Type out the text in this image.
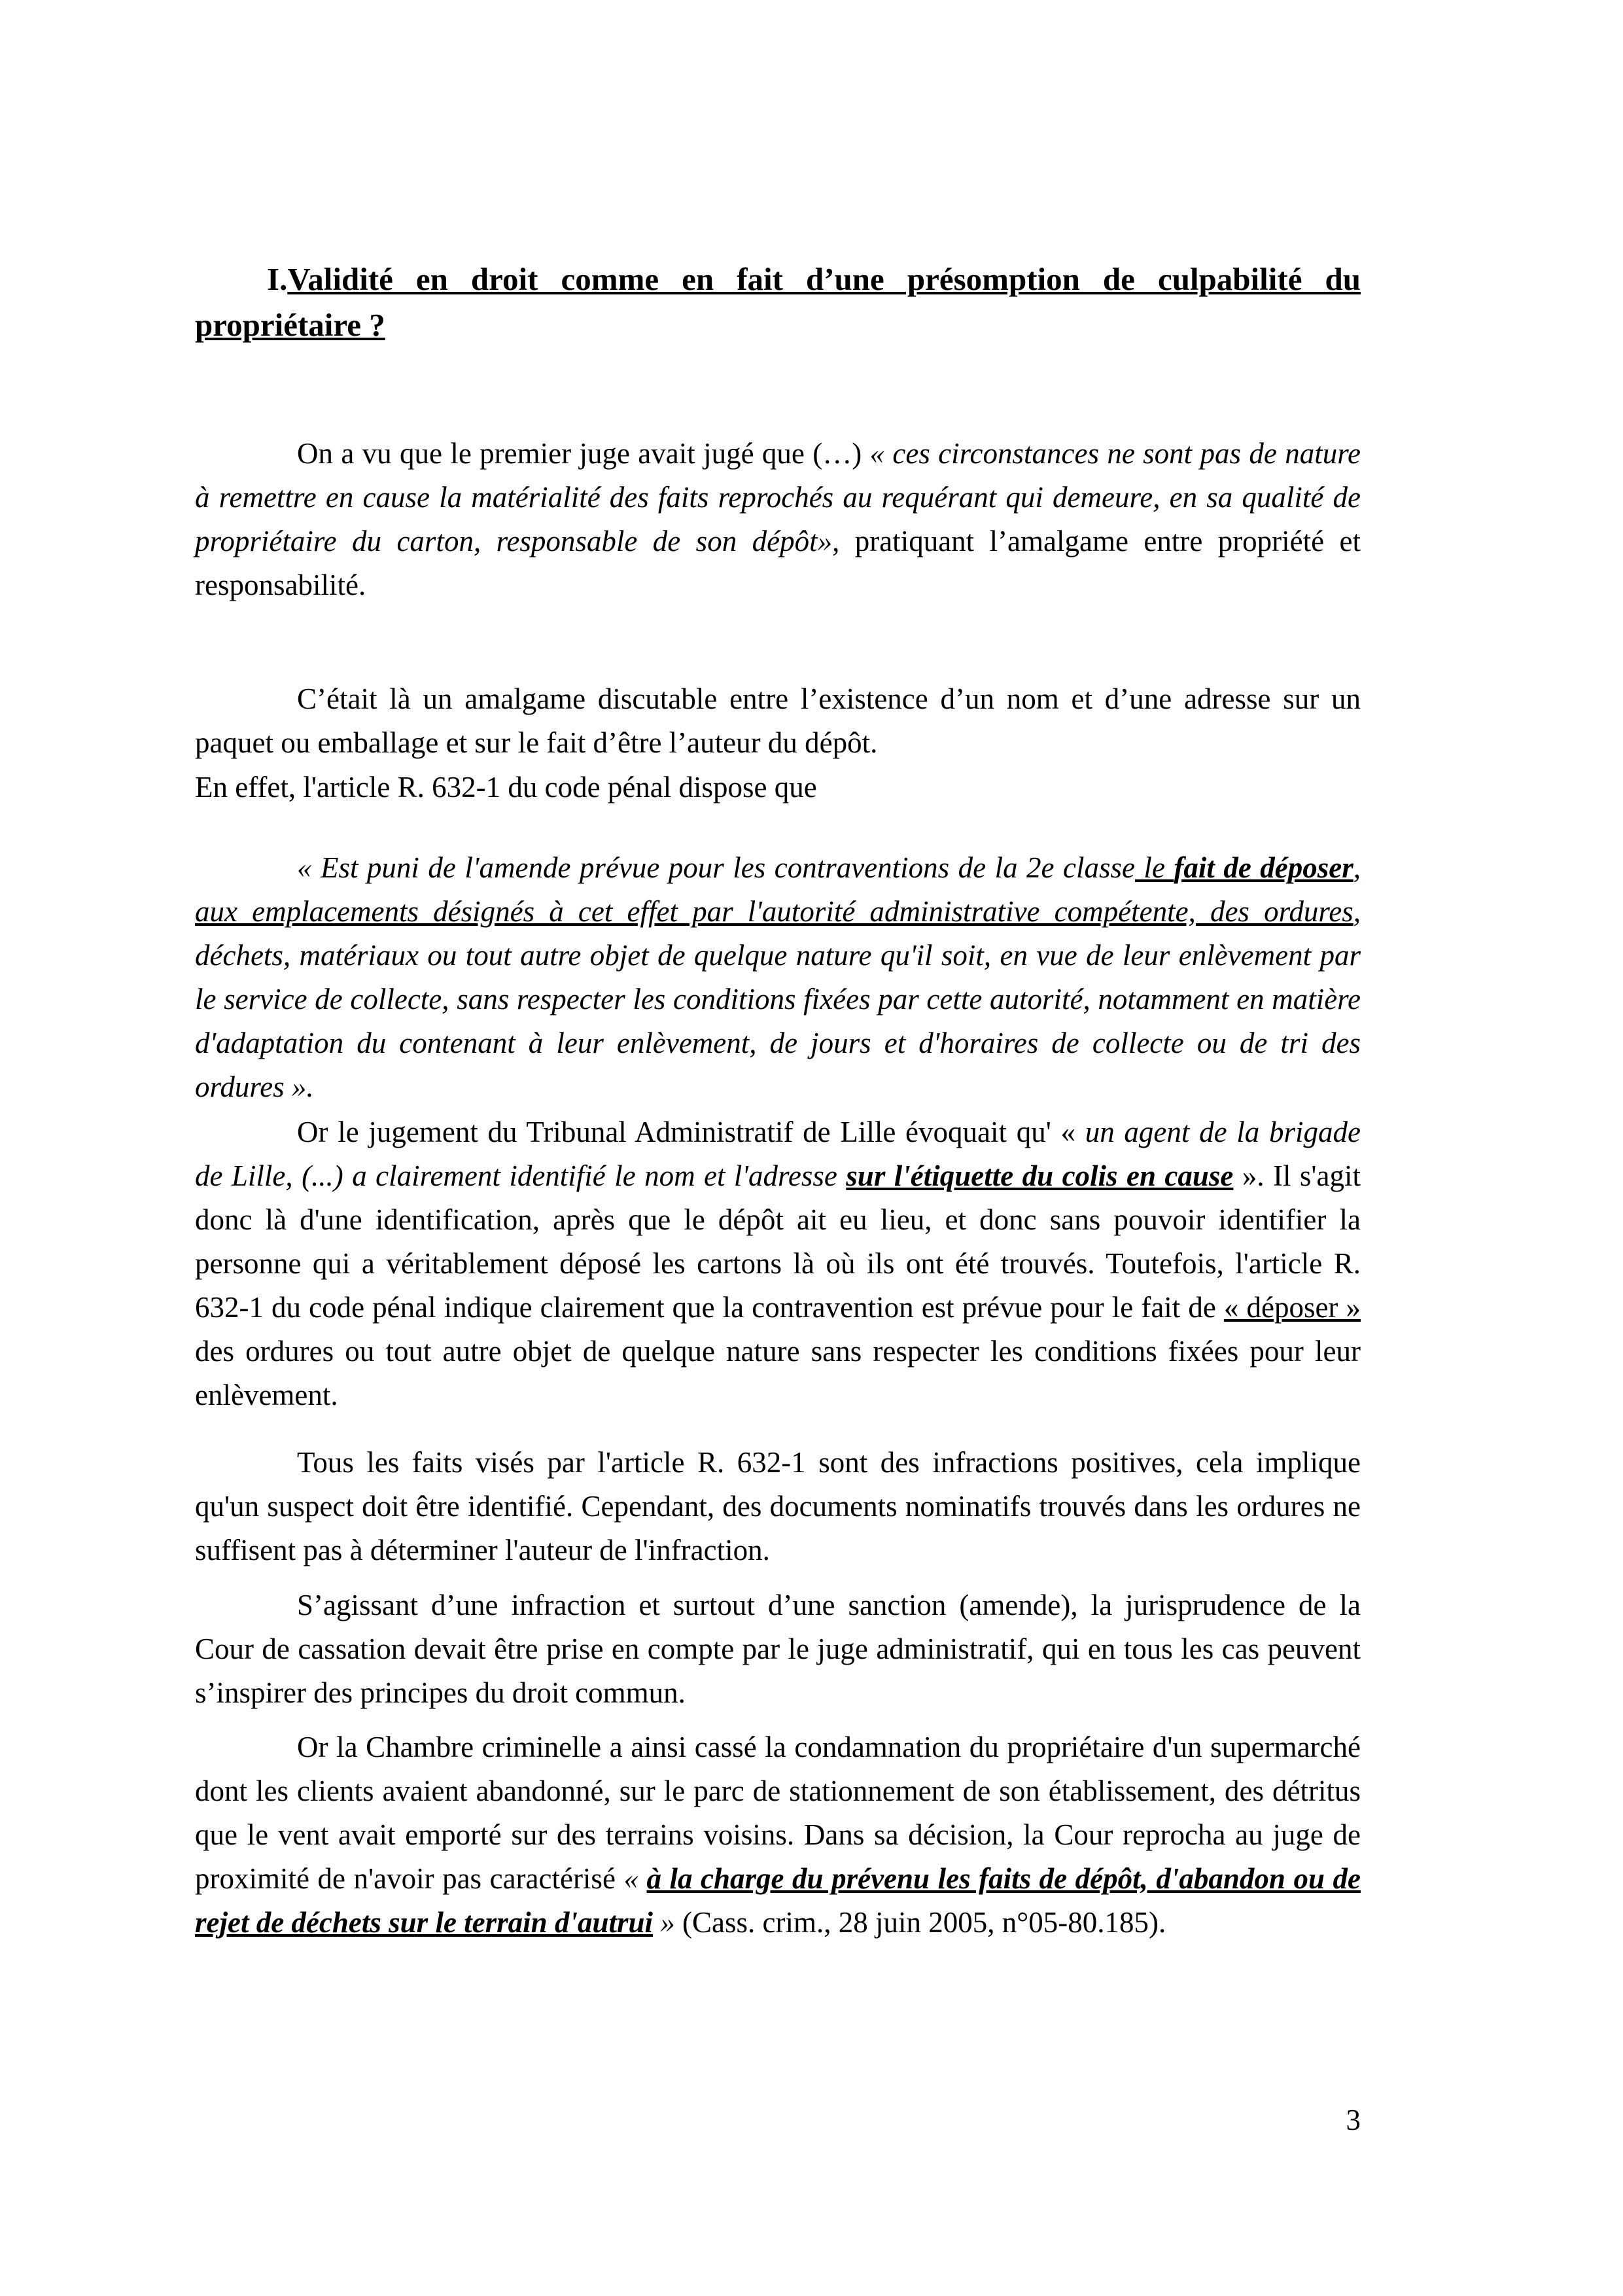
I.Validité en droit comme en fait d’une présomption de culpabilité du propriétaire ?

On a vu que le premier juge avait jugé que (…) « ces circonstances ne sont pas de nature à remettre en cause la matérialité des faits reprochés au requérant qui demeure, en sa qualité de propriétaire du carton, responsable de son dépôt», pratiquant l’amalgame entre propriété et responsabilité.

C’était là un amalgame discutable entre l’existence d’un nom et d’une adresse sur un paquet ou emballage et sur le fait d’être l’auteur du dépôt.

En effet, l'article R. 632-1 du code pénal dispose que

« Est puni de l'amende prévue pour les contraventions de la 2e classe le fait de déposer, aux emplacements désignés à cet effet par l'autorité administrative compétente, des ordures, déchets, matériaux ou tout autre objet de quelque nature qu'il soit, en vue de leur enlèvement par le service de collecte, sans respecter les conditions fixées par cette autorité, notamment en matière d'adaptation du contenant à leur enlèvement, de jours et d'horaires de collecte ou de tri des ordures ».

Or le jugement du Tribunal Administratif de Lille évoquait qu' « un agent de la brigade de Lille, (...) a clairement identifié le nom et l'adresse sur l'étiquette du colis en cause ». Il s'agit donc là d'une identification, après que le dépôt ait eu lieu, et donc sans pouvoir identifier la personne qui a véritablement déposé les cartons là où ils ont été trouvés. Toutefois, l'article R. 632-1 du code pénal indique clairement que la contravention est prévue pour le fait de « déposer » des ordures ou tout autre objet de quelque nature sans respecter les conditions fixées pour leur enlèvement.

Tous les faits visés par l'article R. 632-1 sont des infractions positives, cela implique qu'un suspect doit être identifié. Cependant, des documents nominatifs trouvés dans les ordures ne suffisent pas à déterminer l'auteur de l'infraction.

S’agissant d’une infraction et surtout d’une sanction (amende), la jurisprudence de la Cour de cassation devait être prise en compte par le juge administratif, qui en tous les cas peuvent s’inspirer des principes du droit commun.

Or la Chambre criminelle a ainsi cassé la condamnation du propriétaire d'un supermarché dont les clients avaient abandonné, sur le parc de stationnement de son établissement, des détritus que le vent avait emporté sur des terrains voisins. Dans sa décision, la Cour reprocha au juge de proximité de n'avoir pas caractérisé « à la charge du prévenu les faits de dépôt, d'abandon ou de rejet de déchets sur le terrain d'autrui » (Cass. crim., 28 juin 2005, n°05-80.185).

3
